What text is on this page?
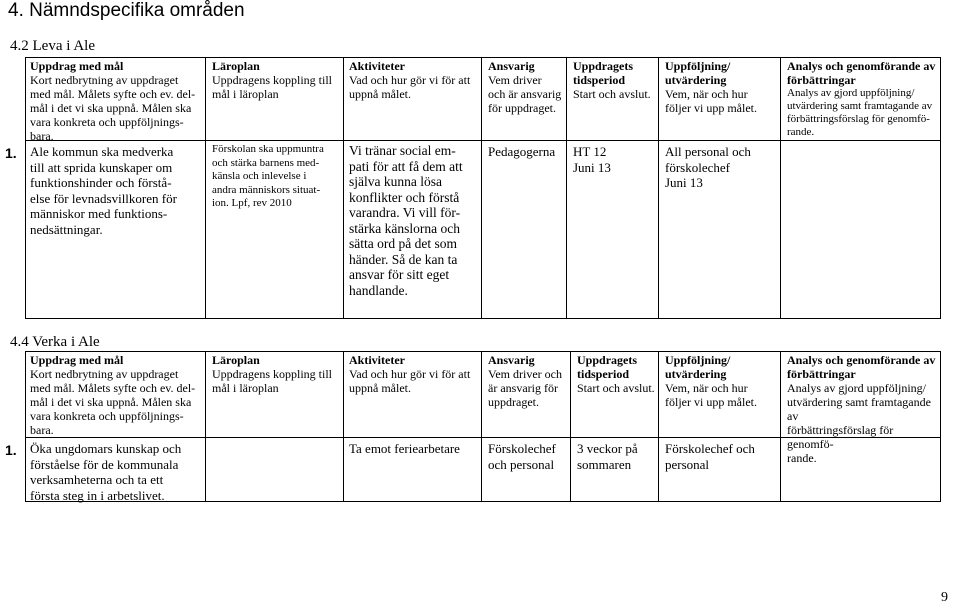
4. Nämndspecifika områden
4.2 Leva i Ale
Uppdrag med mål
Kort nedbrytning av uppdraget
med mål. Målets syfte och ev. del-
mål i det vi ska uppnå. Målen ska
vara konkreta och uppföljnings-
bara.
Läroplan
Uppdragens koppling till
mål i läroplan
Aktiviteter
Vad och hur gör vi för att
uppnå målet.
Ansvarig
Vem driver
och är ansvarig
för uppdraget.
Uppdragets
tidsperiod
Start och avslut.
Uppföljning/
utvärdering
Vem, när och hur
följer vi upp målet.
Analys och genomförande av
förbättringar
Analys av gjord uppföljning/
utvärdering samt framtagande av
förbättringsförslag för genomfö-
rande.
1. Ale kommun ska medverka
till att sprida kunskaper om
funktionshinder och förstå-
else för levnadsvillkoren för
människor med funktions-
nedsättningar.
Förskolan ska uppmuntra
och stärka barnens med-
känsla och inlevelse i
andra människors situat-
ion. Lpf, rev 2010
Vi tränar social em-
pati för att få dem att
själva kunna lösa
konflikter och förstå
varandra. Vi vill för-
stärka känslorna och
sätta ord på det som
händer. Så de kan ta
ansvar för sitt eget
handlande.
Pedagogerna HT 12
Juni 13
All personal och
förskolechef
Juni 13
4.4 Verka i Ale
Uppdrag med mål
Kort nedbrytning av uppdraget
med mål. Målets syfte och ev. del-
mål i det vi ska uppnå. Målen ska
vara konkreta och uppföljnings-
bara.
Läroplan
Uppdragens koppling till
mål i läroplan
Aktiviteter
Vad och hur gör vi för att
uppnå målet.
Ansvarig
Vem driver och
är ansvarig för
uppdraget.
Uppdragets
tidsperiod
Start och avslut.
Uppföljning/
utvärdering
Vem, när och hur
följer vi upp målet.
Analys och genomförande av
förbättringar
Analys av gjord uppföljning/
utvärdering samt framtagande av
förbättringsförslag för genomfö-
rande.
1. Öka ungdomars kunskap och
förståelse för de kommunala
verksamheterna och ta ett
första steg in i arbetslivet.
Ta emot feriearbetare	Förskolechef
och personal
3 veckor på
sommaren
Förskolechef och
personal
9
